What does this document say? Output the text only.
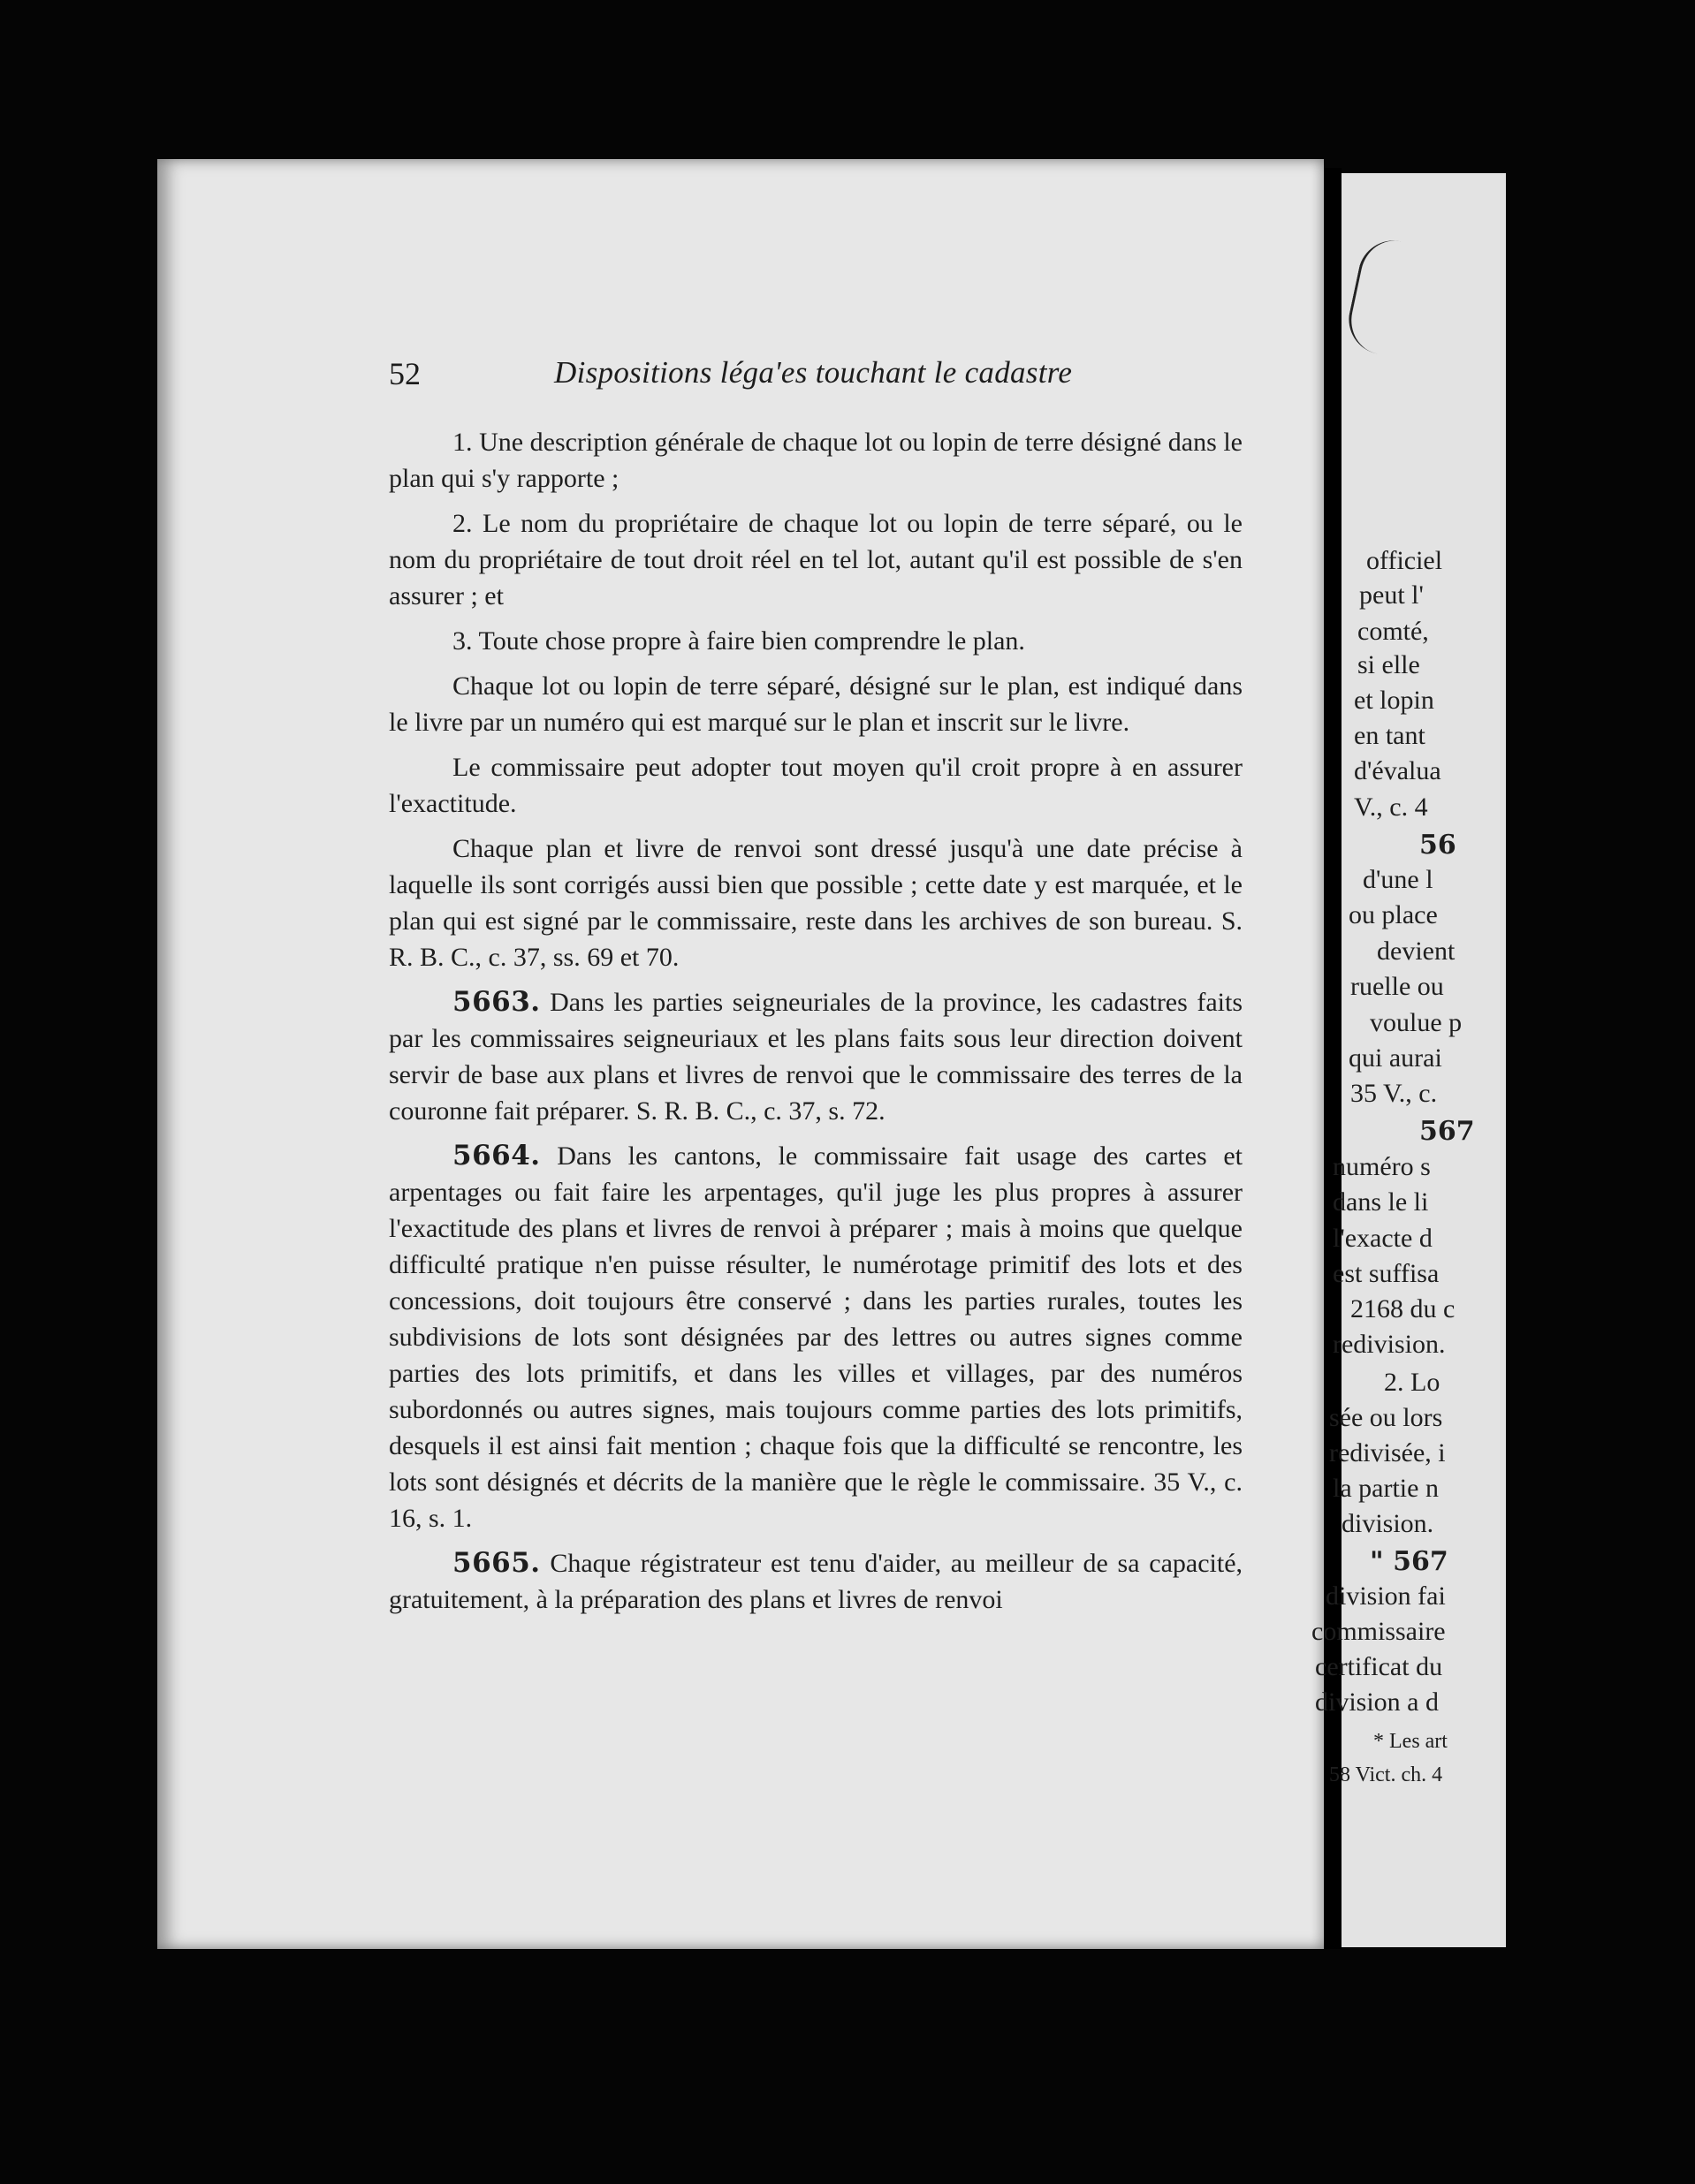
officiel
peut l'
comté,
si elle
et lopin
en tant
d'évalua
V., c. 4
56
d'une l
ou place
devient
ruelle ou
voulue p
qui aurai
35 V., c.
567
numéro s
dans le li
l'exacte d
est suffisa
2168 du c
redivision.
2. Lo
sée ou lors
redivisée, i
la partie n
division.
" 567
division fai
commissaire
certificat du
division a d
* Les art
58 Vict. ch. 4
52	Dispositions léga'es touchant le cadastre

1. Une description générale de chaque lot ou lopin de terre désigné dans le plan qui s'y rapporte ;

2. Le nom du propriétaire de chaque lot ou lopin de terre séparé, ou le nom du propriétaire de tout droit réel en tel lot, autant qu'il est possible de s'en assurer ; et

3. Toute chose propre à faire bien comprendre le plan.

Chaque lot ou lopin de terre séparé, désigné sur le plan, est indiqué dans le livre par un numéro qui est marqué sur le plan et inscrit sur le livre.

Le commissaire peut adopter tout moyen qu'il croit propre à en assurer l'exactitude.

Chaque plan et livre de renvoi sont dressé jusqu'à une date précise à laquelle ils sont corrigés aussi bien que possible ; cette date y est marquée, et le plan qui est signé par le commissaire, reste dans les archives de son bureau. S. R. B. C., c. 37, ss. 69 et 70.

5663. Dans les parties seigneuriales de la province, les cadastres faits par les commissaires seigneuriaux et les plans faits sous leur direction doivent servir de base aux plans et livres de renvoi que le commissaire des terres de la couronne fait préparer. S. R. B. C., c. 37, s. 72.

5664. Dans les cantons, le commissaire fait usage des cartes et arpentages ou fait faire les arpentages, qu'il juge les plus propres à assurer l'exactitude des plans et livres de renvoi à préparer ; mais à moins que quelque difficulté pratique n'en puisse résulter, le numérotage primitif des lots et des concessions, doit toujours être conservé ; dans les parties rurales, toutes les subdivisions de lots sont désignées par des lettres ou autres signes comme parties des lots primitifs, et dans les villes et villages, par des numéros subordonnés ou autres signes, mais toujours comme parties des lots primitifs, desquels il est ainsi fait mention ; chaque fois que la difficulté se rencontre, les lots sont désignés et décrits de la manière que le règle le commissaire. 35 V., c. 16, s. 1.

5665. Chaque régistrateur est tenu d'aider, au meilleur de sa capacité, gratuitement, à la préparation des plans et livres de renvoi
